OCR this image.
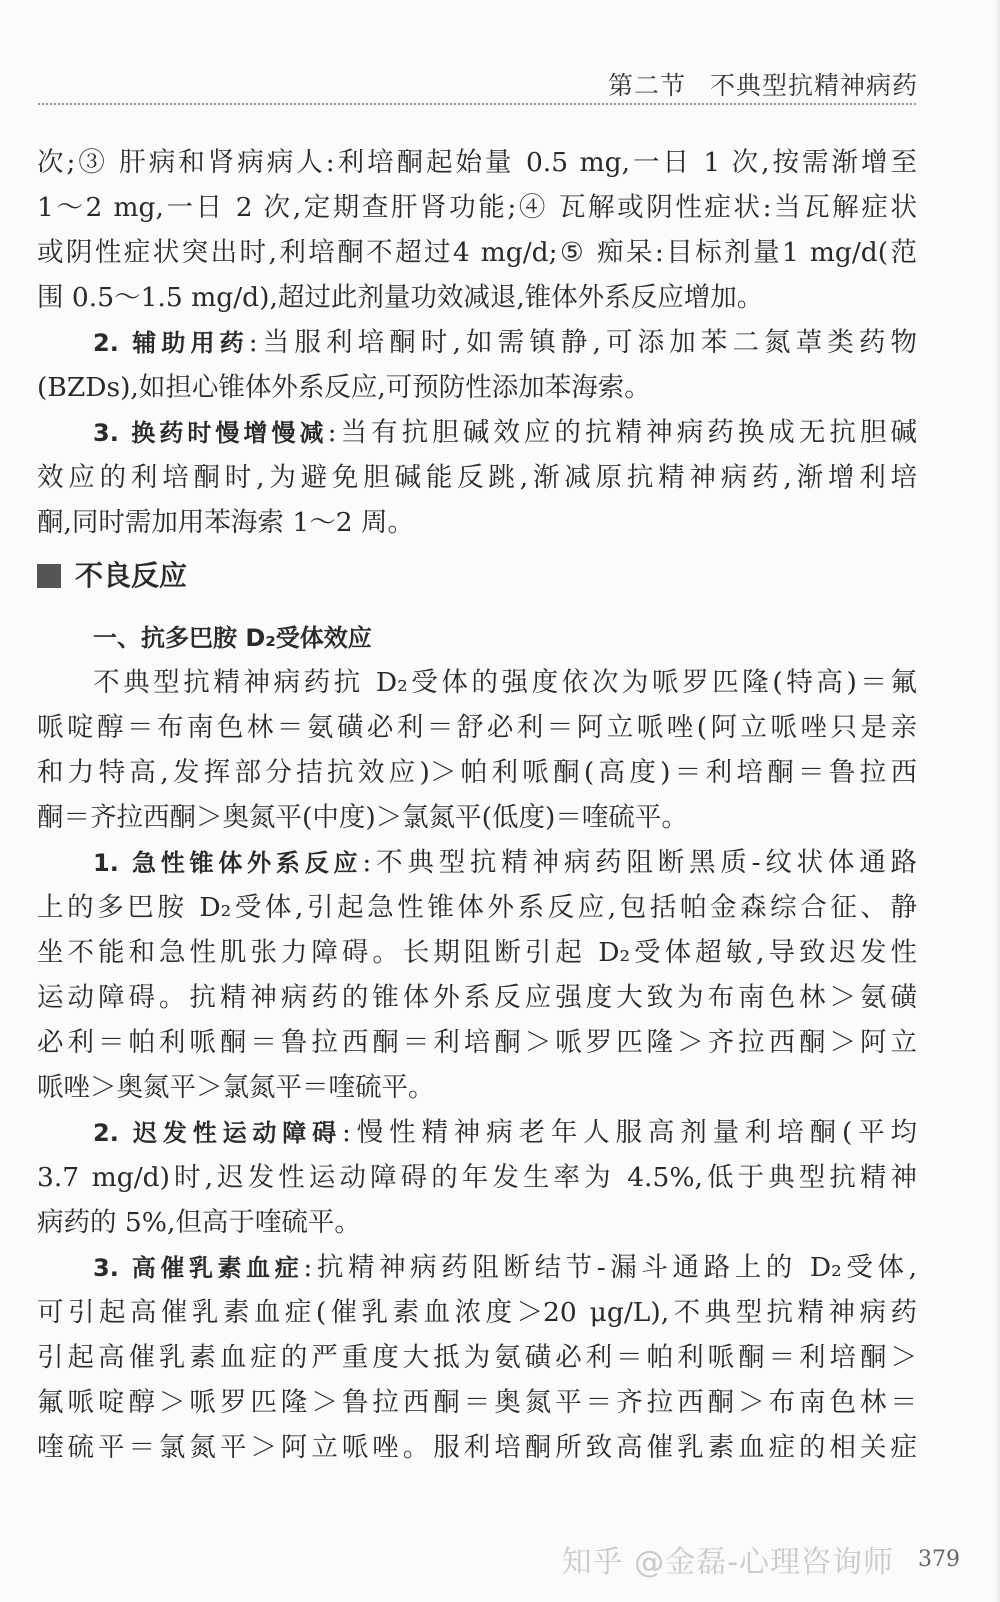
第二节 不典型抗精神病药
次;③ 肝病和肾病病人:利培酮起始量 0.5 mg,一日 1 次,按需渐增至
1～2 mg,一日 2 次,定期查肝肾功能;④ 瓦解或阴性症状:当瓦解症状
或阴性症状突出时,利培酮不超过4 mg/d;⑤ 痴呆:目标剂量1 mg/d(范
围 0.5～1.5 mg/d),超过此剂量功效减退,锥体外系反应增加。
2. 辅助用药:当服利培酮时,如需镇静,可添加苯二氮䓬类药物
(BZDs),如担心锥体外系反应,可预防性添加苯海索。
3. 换药时慢增慢减:当有抗胆碱效应的抗精神病药换成无抗胆碱
效应的利培酮时,为避免胆碱能反跳,渐减原抗精神病药,渐增利培
酮,同时需加用苯海索 1～2 周。
不良反应
一、抗多巴胺 D₂受体效应
不典型抗精神病药抗 D₂受体的强度依次为哌罗匹隆(特高)＝氟
哌啶醇＝布南色林＝氨磺必利＝舒必利＝阿立哌唑(阿立哌唑只是亲
和力特高,发挥部分拮抗效应)＞帕利哌酮(高度)＝利培酮＝鲁拉西
酮＝齐拉西酮＞奥氮平(中度)＞氯氮平(低度)＝喹硫平。
1. 急性锥体外系反应:不典型抗精神病药阻断黑质-纹状体通路
上的多巴胺 D₂受体,引起急性锥体外系反应,包括帕金森综合征、静
坐不能和急性肌张力障碍。长期阻断引起 D₂受体超敏,导致迟发性
运动障碍。抗精神病药的锥体外系反应强度大致为布南色林＞氨磺
必利＝帕利哌酮＝鲁拉西酮＝利培酮＞哌罗匹隆＞齐拉西酮＞阿立
哌唑＞奥氮平＞氯氮平＝喹硫平。
2. 迟发性运动障碍:慢性精神病老年人服高剂量利培酮(平均
3.7 mg/d)时,迟发性运动障碍的年发生率为 4.5%,低于典型抗精神
病药的 5%,但高于喹硫平。
3. 高催乳素血症:抗精神病药阻断结节-漏斗通路上的 D₂受体,
可引起高催乳素血症(催乳素血浓度＞20 μg/L),不典型抗精神病药
引起高催乳素血症的严重度大抵为氨磺必利＝帕利哌酮＝利培酮＞
氟哌啶醇＞哌罗匹隆＞鲁拉西酮＝奥氮平＝齐拉西酮＞布南色林＝
喹硫平＝氯氮平＞阿立哌唑。服利培酮所致高催乳素血症的相关症
知乎 @金磊-心理咨询师 379
